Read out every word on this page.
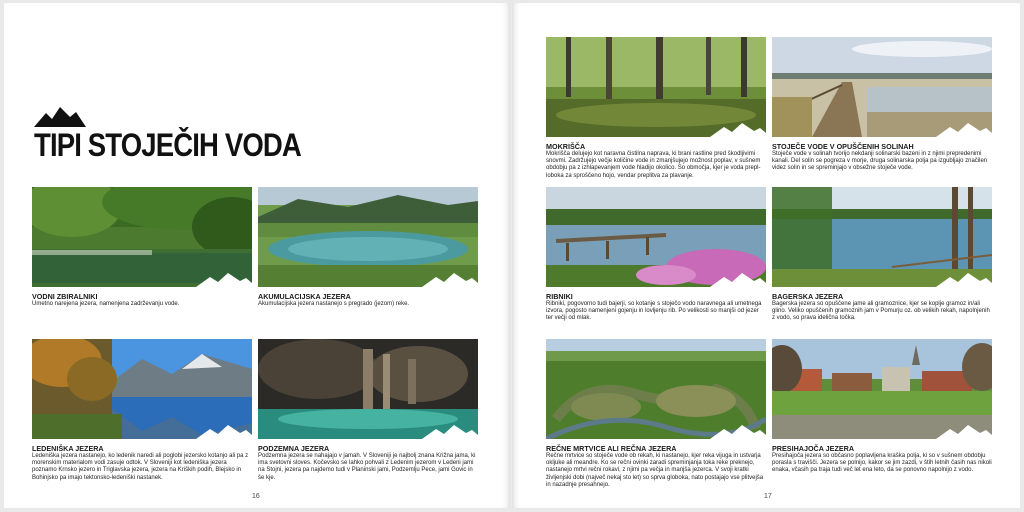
TIPI STOJEČIH VODA
VODNI ZBIRALNIKI
Umetno narejena jezera, namenjena zadrževanju vode.
AKUMULACIJSKA JEZERA
Akumulacijska jezera nastanejo s pregrado (jezom) reke.
LEDENIŠKA JEZERA
Ledeniška jezera nastanejo, ko ledenik naredi ali poglobi jezersko kotanjo ali pa z morenskim materialom vodi zasuje odtok. V Sloveniji kot ledeniška jezera poznamo Krnsko jezero in Triglavska jezera, jezera na Kriških podih, Blejsko in Bohinjsko pa imajo tektonsko-ledeniški nastanek.
PODZEMNA JEZERA
Podzemna jezera se nahajajo v jamah. V Sloveniji je najbolj znana Križna jama, ki ima svetovni sloves. Kočevsko se lahko pohvali z Ledenim jezerom v Ledeni jami na Stojni, jezera pa najdemo tudi v Planinski jami, Podzemlju Pece, jami Govic in še kje.
16
MOKRIŠČA
Mokrišča delujejo kot naravna čistilna naprava, ki brani rastline pred škodljivimi snovmi. Zadržujejo večje količine vode in zmanjšujejo možnost poplav, v sušnem obdobju pa z izhlapevanjem vode hladijo okolico. So območja, kjer je voda prepl-loboka za sproščeno hojo, vendar preplitva za plavanje.
STOJEČE VODE V OPUŠČENIH SOLINAH
Stoječe vode v solinah tvorijo nekdanji solinarski bazeni in z njimi prepredenimi kanali. Del solin se pogreza v morje, druga solinarska polja pa izgubljajo značilen videz solin in se spreminjajo v obsežne stoječe vode.
RIBNIKI
Ribniki, pogovorno tudi bajerji, so kotanje s stoječo vodo naravnega ali umetnega izvora, pogosto namenjeni gojenju in lovljenju rib. Po velikosti so manjši od jezer ter večji od mlak.
BAGERSKA JEZERA
Bagerska jezera so opuščene jame ali gramoznice, kjer se koplje gramoz in/ali glino. Veliko opuščenih gramoznih jam v Pomurju oz. ob velikih rekah, napolnjenih z vodo, so prava idelična točka.
REČNE MRTVICE ALI REČNA JEZERA
Rečne mrtvice so stoječe vode ob rekah, ki nastanejo, kjer reka vijuga in ustvarja okljuke ali meandre. Ko se rečni ovinki zaradi spreminjanja toka reke preknejo, nastanejo mrtvi rečni rokavi, z njimi pa večja in manjša jezerca. V svoji kratki življenjski dobi (največ nekaj sto let) so sprva globoka, nato postajajo vse plitvejša in nazadnje presahnejo.
PRESIHAJOČA JEZERA
Presihajoča jezera so občasno poplavljena kraška polja, ki so v sušnem obdobju porasla s travišči. Jezera se polnijo, kakor se jim zazdi, v štih letnih časih nas nikoli enaka, včasih pa traja tudi več let ena leto, da se ponovno napolnijo z vodo.
17
